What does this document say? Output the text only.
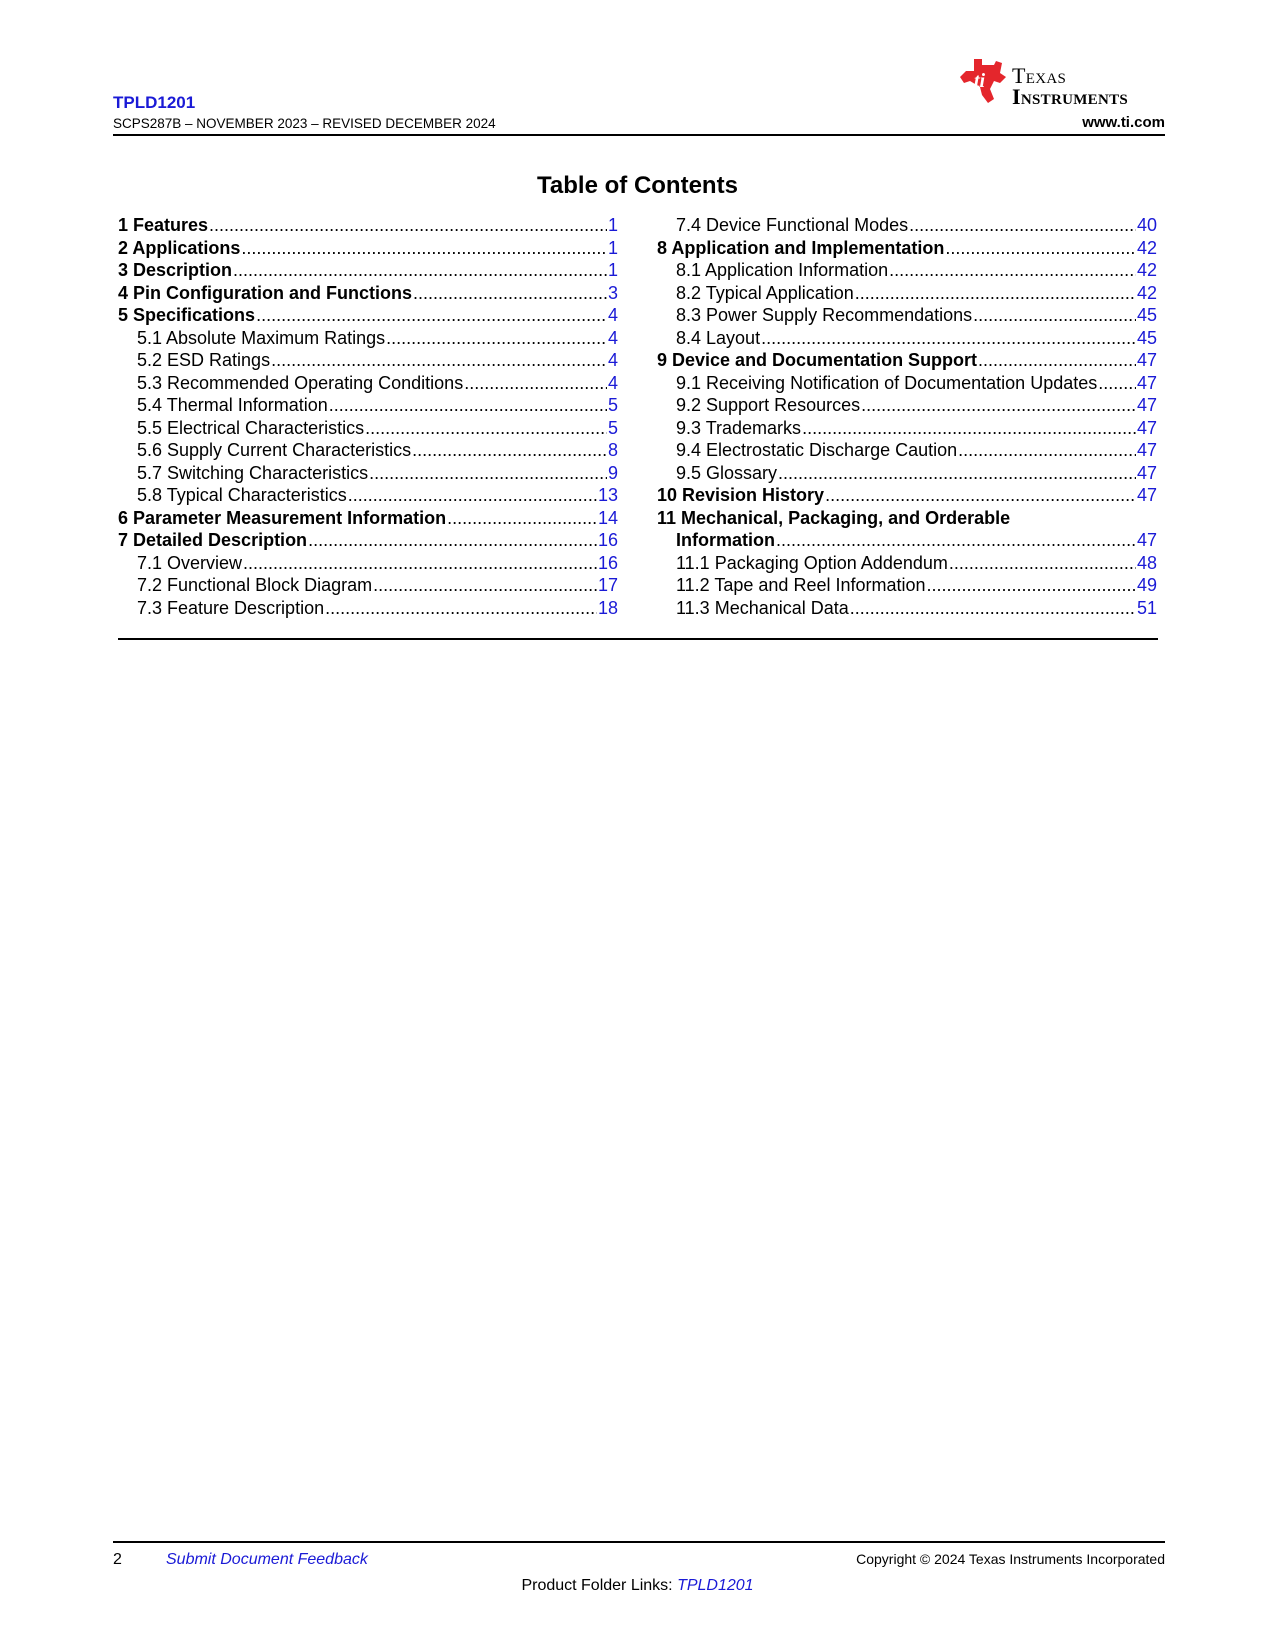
TPLD1201
SCPS287B – NOVEMBER 2023 – REVISED DECEMBER 2024
ti Texas
Instruments
www.ti.com
Table of Contents
1 Features .....	1
2 Applications .....	1
3 Description .....	1
4 Pin Configuration and Functions .....	3
5 Specifications .....	4
5.1 Absolute Maximum Ratings .....	4
5.2 ESD Ratings .....	4
5.3 Recommended Operating Conditions .....	4
5.4 Thermal Information .....	5
5.5 Electrical Characteristics .....	5
5.6 Supply Current Characteristics .....	8
5.7 Switching Characteristics .....	9
5.8 Typical Characteristics .....	13
6 Parameter Measurement Information .....	14
7 Detailed Description .....	16
7.1 Overview .....	16
7.2 Functional Block Diagram .....	17
7.3 Feature Description .....	18
7.4 Device Functional Modes .....	40
8 Application and Implementation .....	42
8.1 Application Information .....	42
8.2 Typical Application .....	42
8.3 Power Supply Recommendations .....	45
8.4 Layout .....	45
9 Device and Documentation Support .....	47
9.1 Receiving Notification of Documentation Updates ..... 47
9.2 Support Resources .....	47
9.3 Trademarks .....	47
9.4 Electrostatic Discharge Caution .....	47
9.5 Glossary .....	47
10 Revision History .....	47
11 Mechanical, Packaging, and Orderable
Information .....	47
11.1 Packaging Option Addendum .....	48
11.2 Tape and Reel Information .....	49
11.3 Mechanical Data .....	51
2	Submit Document Feedback	Copyright © 2024 Texas Instruments Incorporated
Product Folder Links: TPLD1201
